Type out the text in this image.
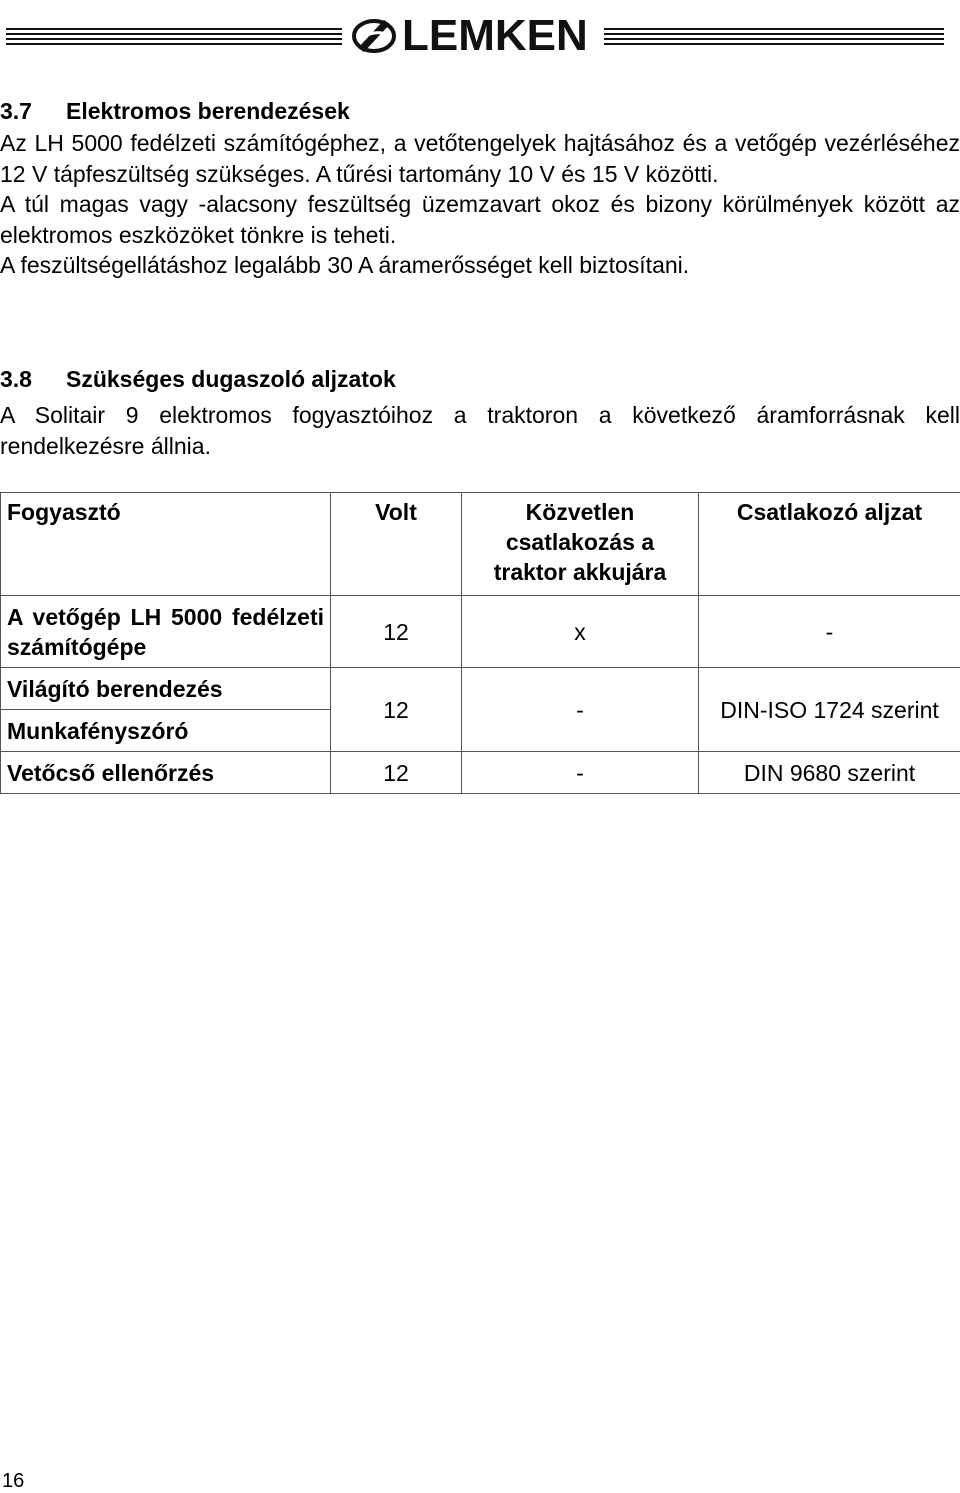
LEMKEN
3.7 Elektromos berendezések

Az LH 5000 fedélzeti számítógéphez, a vetőtengelyek hajtásához és a vetőgép vezérléséhez 12 V tápfeszültség szükséges. A tűrési tartomány 10 V és 15 V közötti.

A túl magas vagy -alacsony feszültség üzemzavart okoz és bizony körülmények között az elektromos eszközöket tönkre is teheti.

A feszültségellátáshoz legalább 30 A áramerősséget kell biztosítani.

3.8 Szükséges dugaszoló aljzatok

A Solitair 9 elektromos fogyasztóihoz a traktoron a következő áramforrásnak kell rendelkezésre állnia.

Fogyasztó	Volt	Közvetlen csatlakozás a traktor akkujára	Csatlakozó aljzat
A vetőgép LH 5000 fedélzeti számítógépe	12	x	-
Világító berendezés	12	-	DIN-ISO 1724 szerint
Munkafényszóró			
Vetőcső ellenőrzés	12	-	DIN 9680 szerint
16
